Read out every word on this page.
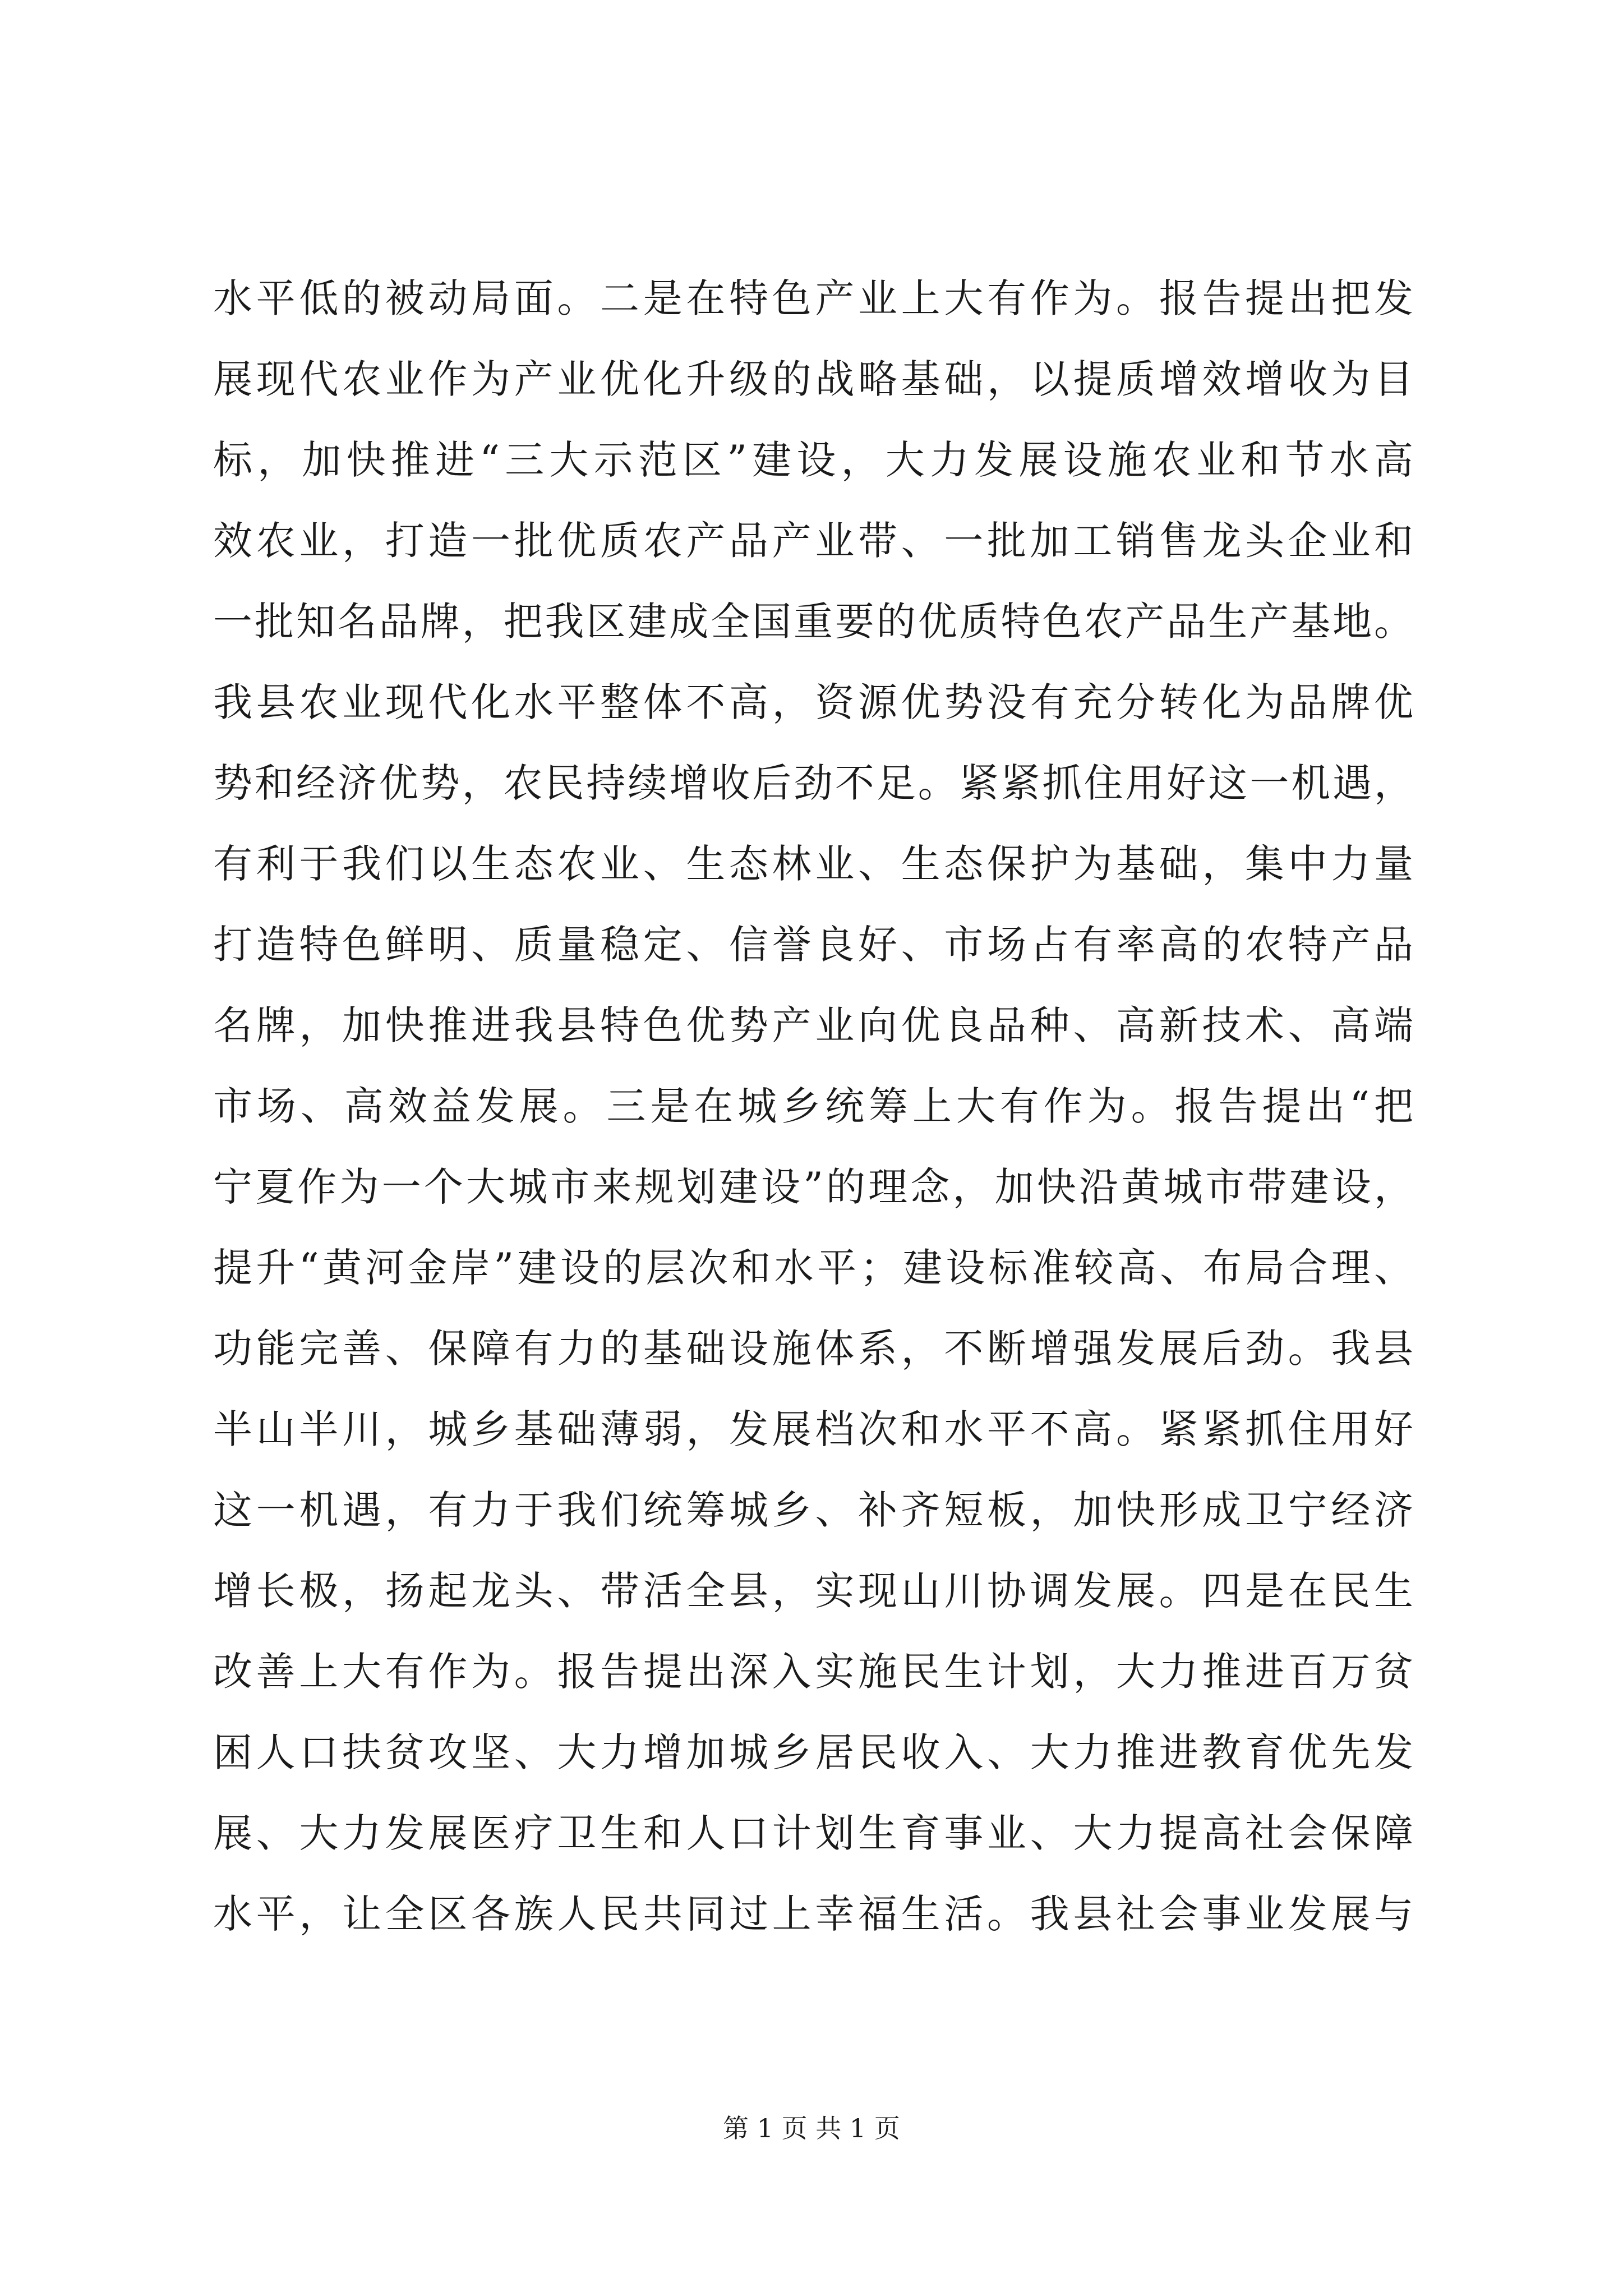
水平低的被动局面。二是在特色产业上大有作为。报告提出把发
展现代农业作为产业优化升级的战略基础，以提质增效增收为目
标，加快推进“三大示范区”建设，大力发展设施农业和节水高
效农业，打造一批优质农产品产业带、一批加工销售龙头企业和
一批知名品牌，把我区建成全国重要的优质特色农产品生产基地。
我县农业现代化水平整体不高，资源优势没有充分转化为品牌优
势和经济优势，农民持续增收后劲不足。紧紧抓住用好这一机遇，
有利于我们以生态农业、生态林业、生态保护为基础，集中力量
打造特色鲜明、质量稳定、信誉良好、市场占有率高的农特产品
名牌，加快推进我县特色优势产业向优良品种、高新技术、高端
市场、高效益发展。三是在城乡统筹上大有作为。报告提出“把
宁夏作为一个大城市来规划建设”的理念，加快沿黄城市带建设，
提升“黄河金岸”建设的层次和水平；建设标准较高、布局合理、
功能完善、保障有力的基础设施体系，不断增强发展后劲。我县
半山半川，城乡基础薄弱，发展档次和水平不高。紧紧抓住用好
这一机遇，有力于我们统筹城乡、补齐短板，加快形成卫宁经济
增长极，扬起龙头、带活全县，实现山川协调发展。四是在民生
改善上大有作为。报告提出深入实施民生计划，大力推进百万贫
困人口扶贫攻坚、大力增加城乡居民收入、大力推进教育优先发
展、大力发展医疗卫生和人口计划生育事业、大力提高社会保障
水平，让全区各族人民共同过上幸福生活。我县社会事业发展与
第 1 页 共 1 页
